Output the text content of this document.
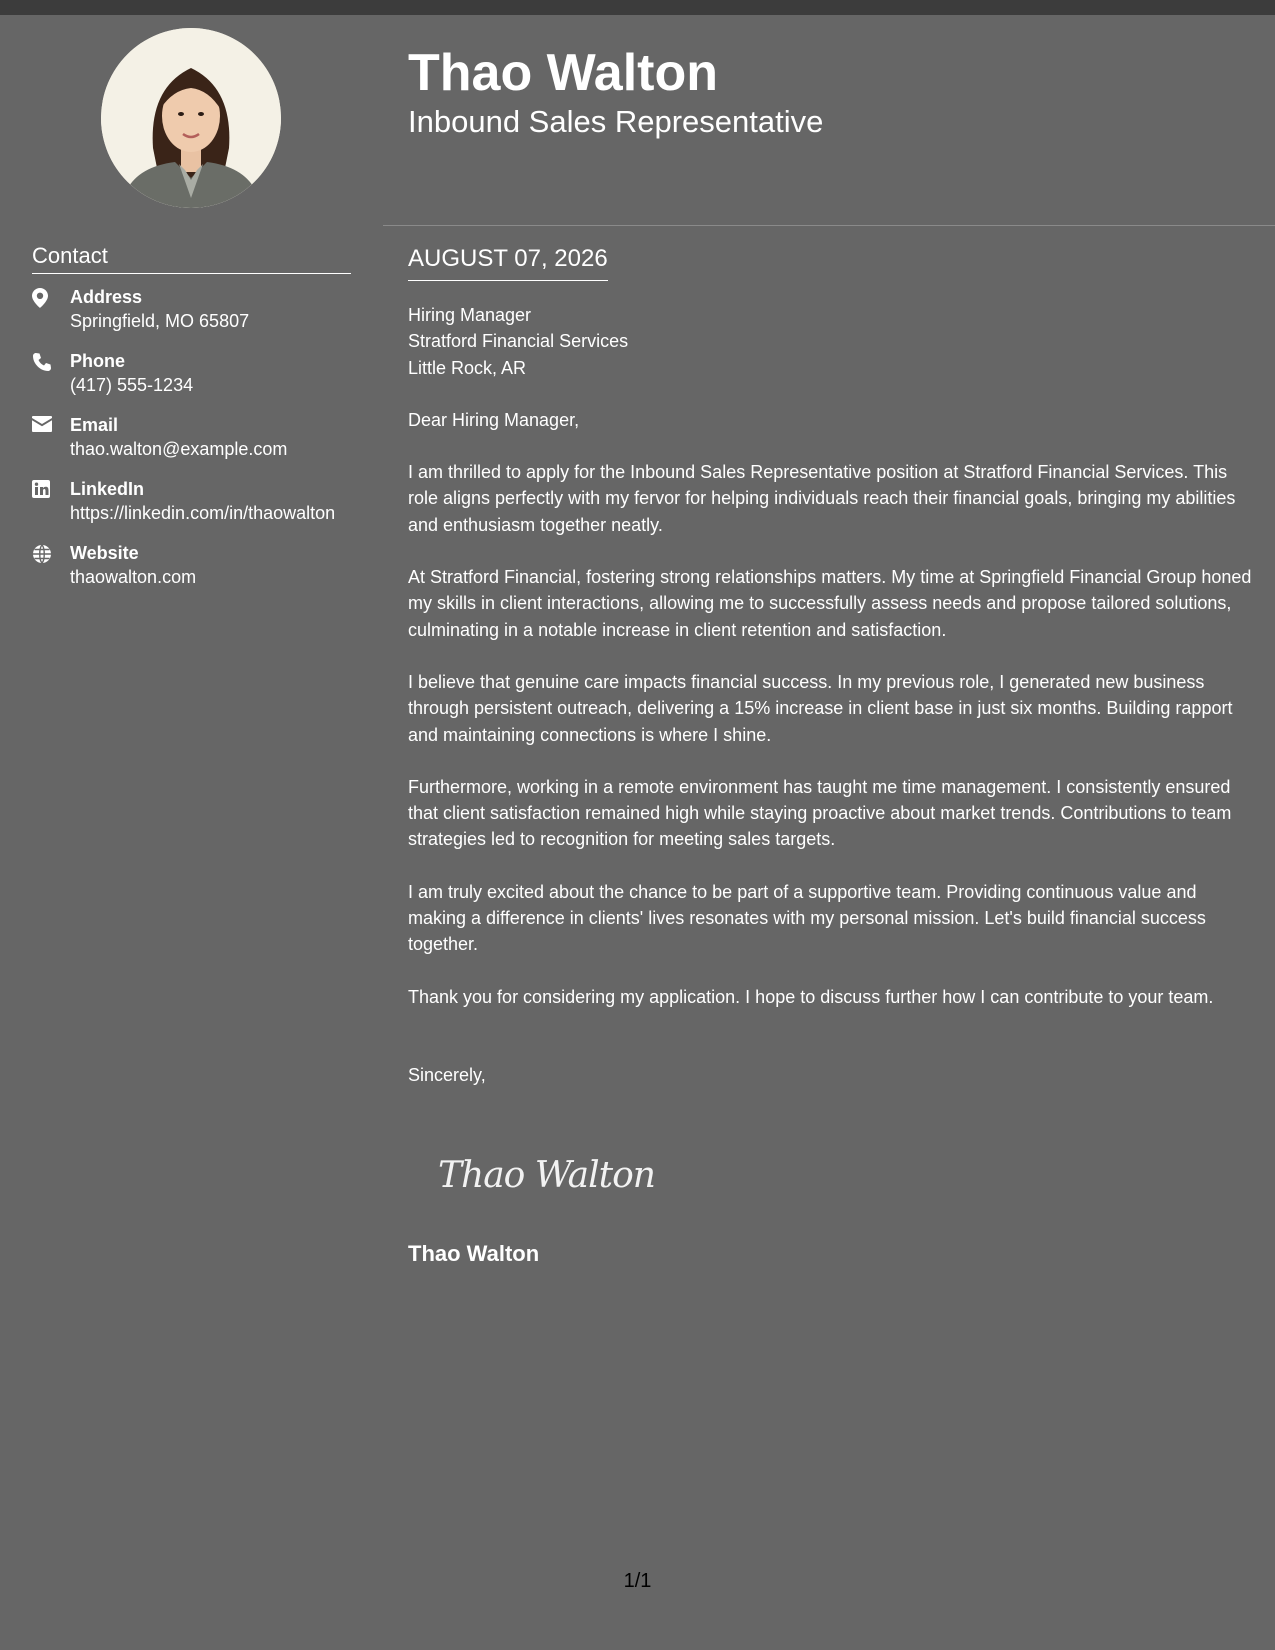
Contact
Address
Springfield, MO 65807
Phone
(417) 555-1234
Email
thao.walton@example.com
LinkedIn
https://linkedin.com/in/thaowalton
Website
thaowalton.com
Thao Walton
Inbound Sales Representative
AUGUST 07, 2026
Hiring Manager
Stratford Financial Services
Little Rock, AR

Dear Hiring Manager,

I am thrilled to apply for the Inbound Sales Representative position at Stratford Financial Services. This role aligns perfectly with my fervor for helping individuals reach their financial goals, bringing my abilities and enthusiasm together neatly.

At Stratford Financial, fostering strong relationships matters. My time at Springfield Financial Group honed my skills in client interactions, allowing me to successfully assess needs and propose tailored solutions, culminating in a notable increase in client retention and satisfaction.

I believe that genuine care impacts financial success. In my previous role, I generated new business through persistent outreach, delivering a 15% increase in client base in just six months. Building rapport and maintaining connections is where I shine.

Furthermore, working in a remote environment has taught me time management. I consistently ensured that client satisfaction remained high while staying proactive about market trends. Contributions to team strategies led to recognition for meeting sales targets.

I am truly excited about the chance to be part of a supportive team. Providing continuous value and making a difference in clients' lives resonates with my personal mission. Let's build financial success together.

Thank you for considering my application. I hope to discuss further how I can contribute to your team.

Sincerely,
Thao Walton
Thao Walton
1/1
